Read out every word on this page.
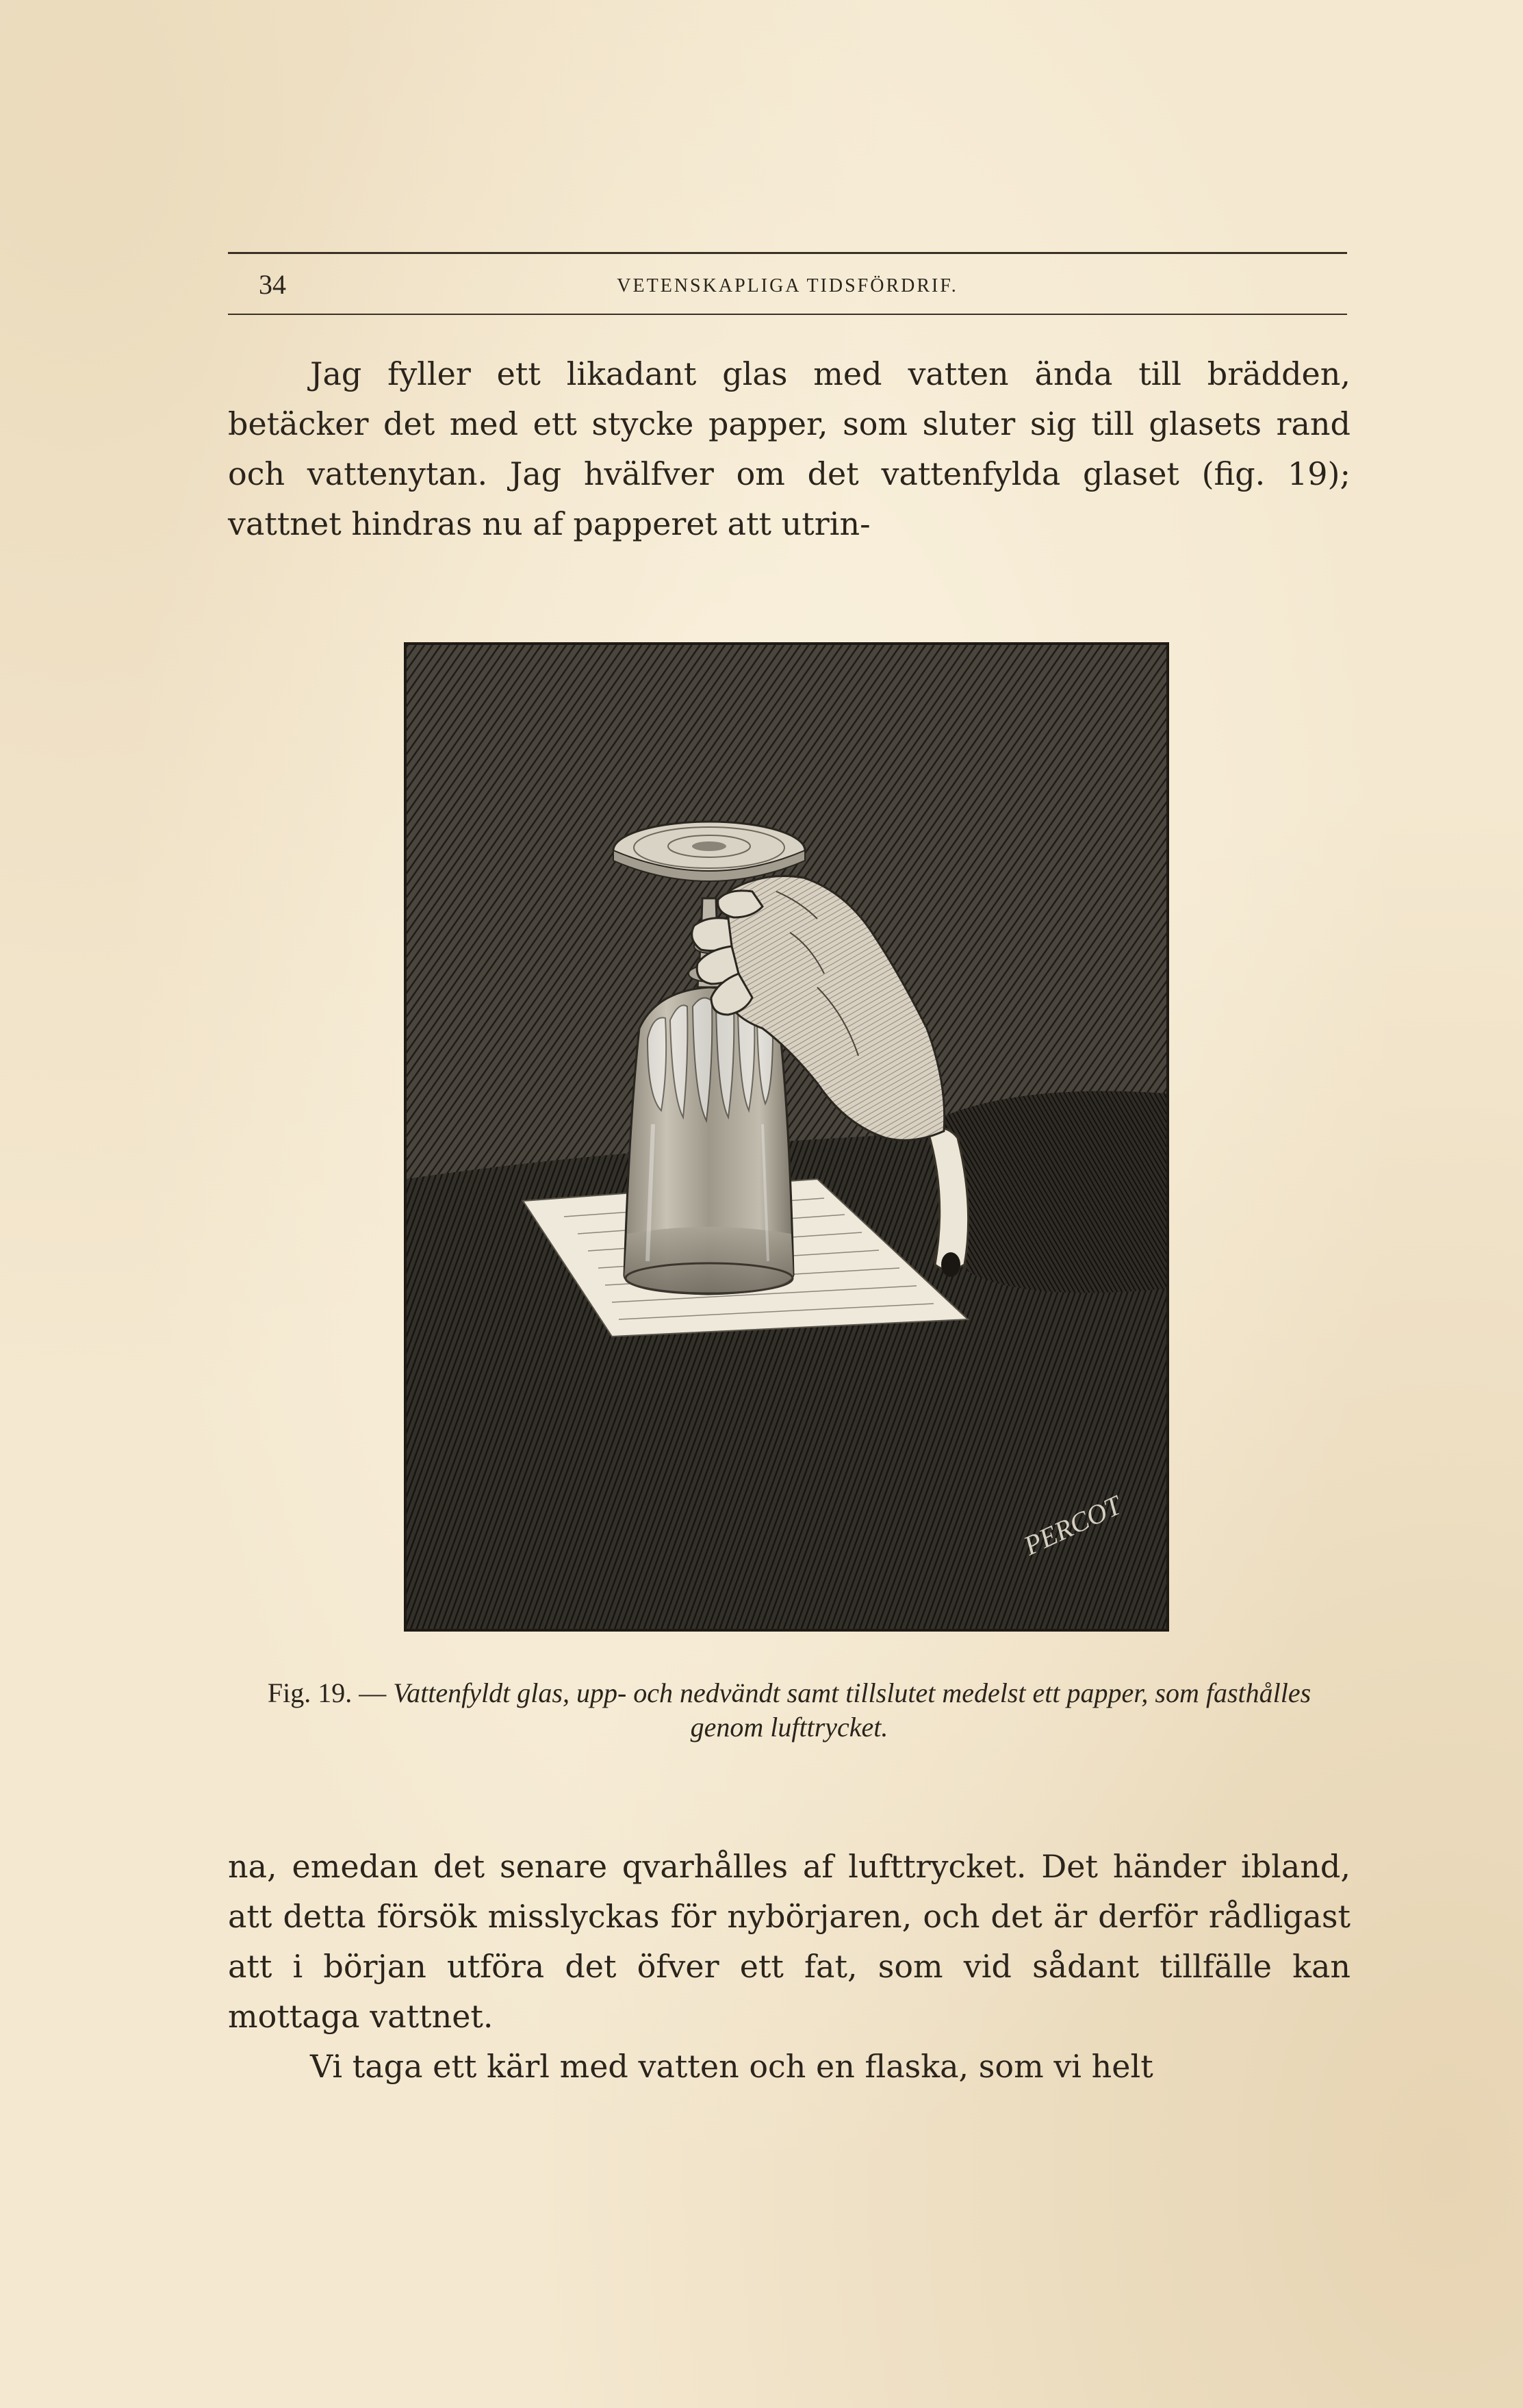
34	VETENSKAPLIGA TIDSFÖRDRIF.

Jag fyller ett likadant glas med vatten ända till brädden, betäcker det med ett stycke papper, som sluter sig till glasets rand och vattenytan. Jag hvälfver om det vattenfylda glaset (fig. 19); vattnet hindras nu af papperet att utrin-

PERCOT
Fig. 19. — Vattenfyldt glas, upp- och nedvändt samt tillslutet medelst ett papper, som fasthålles genom lufttrycket.

na, emedan det senare qvarhålles af lufttrycket. Det händer ibland, att detta försök misslyckas för nybörjaren, och det är derför rådligast att i början utföra det öfver ett fat, som vid sådant tillfälle kan mottaga vattnet.

Vi taga ett kärl med vatten och en flaska, som vi helt
